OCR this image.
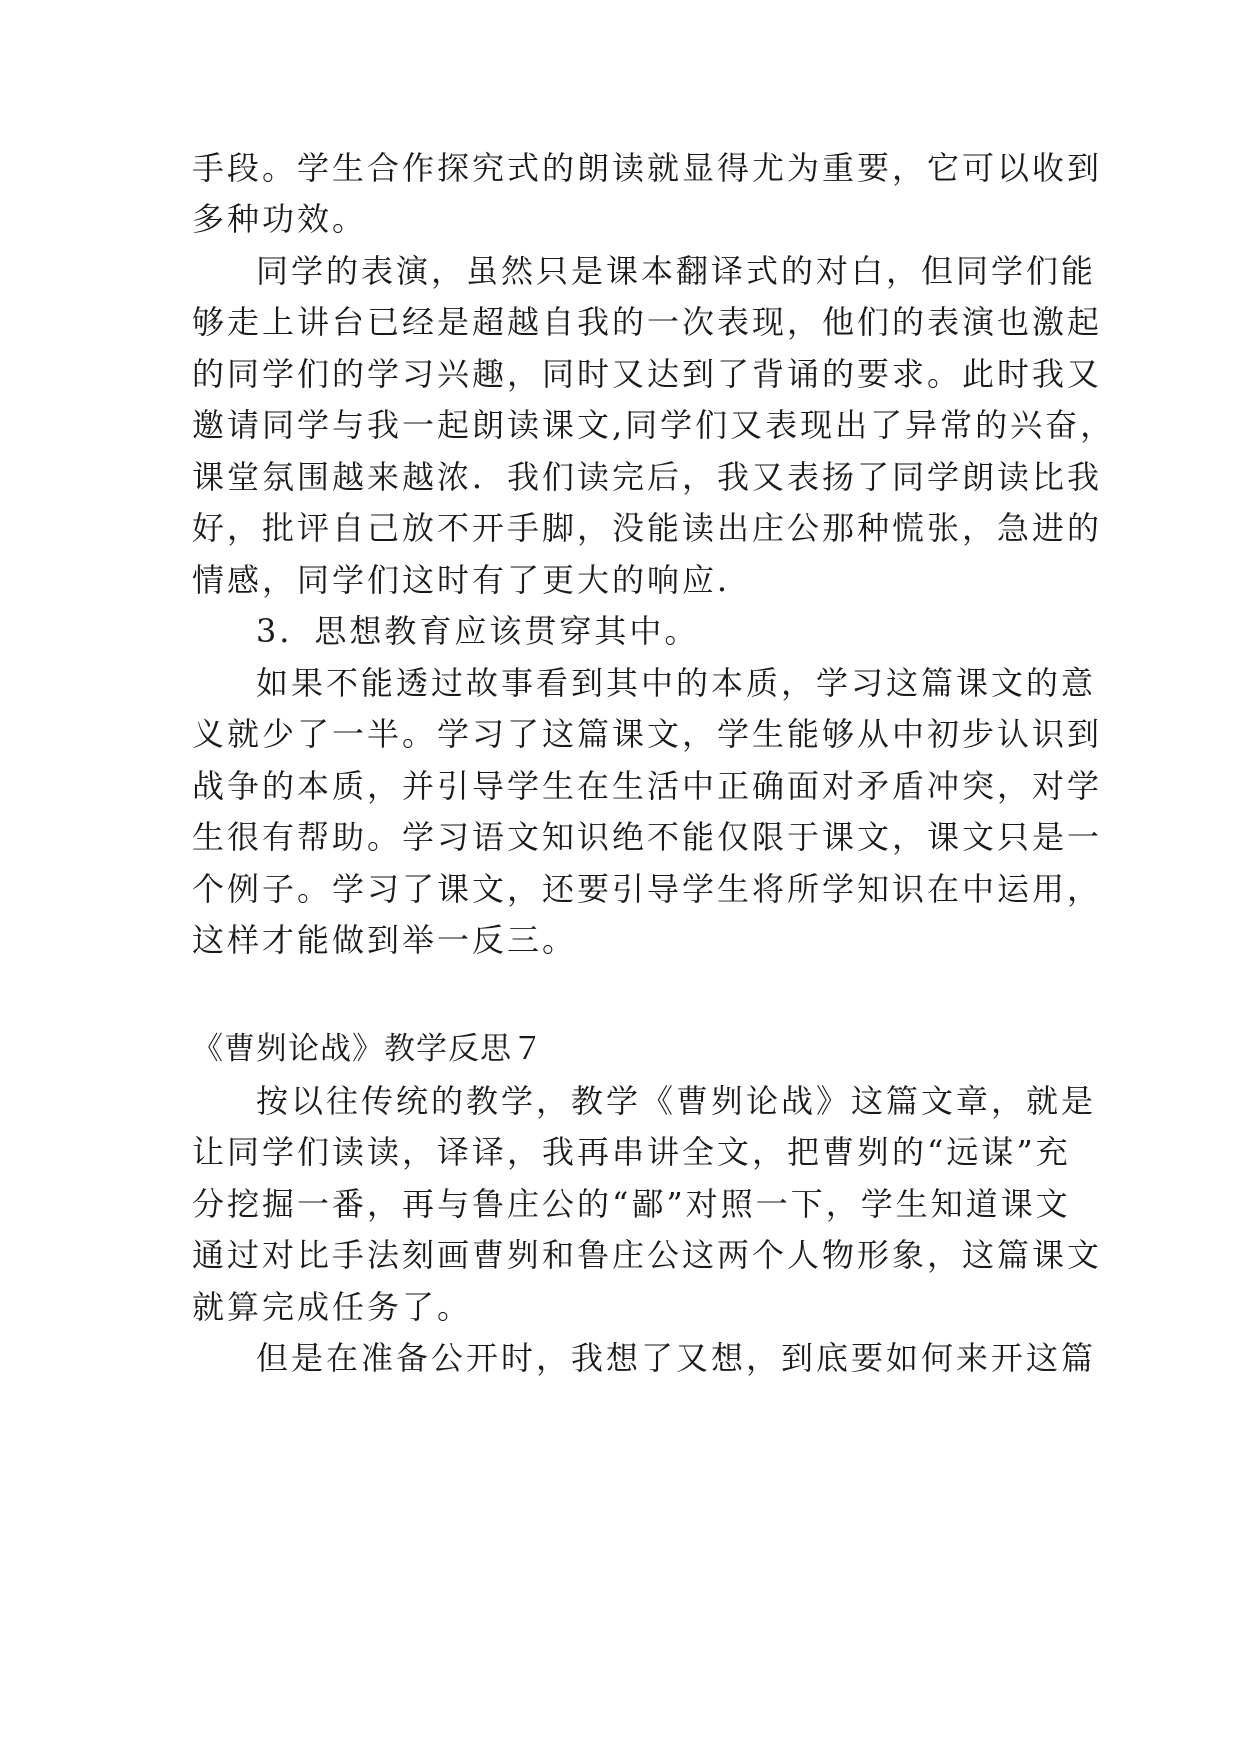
手段。学生合作探究式的朗读就显得尤为重要，它可以收到
多种功效。
同学的表演，虽然只是课本翻译式的对白，但同学们能
够走上讲台已经是超越自我的一次表现，他们的表演也激起
的同学们的学习兴趣，同时又达到了背诵的要求。此时我又
邀请同学与我一起朗读课文,同学们又表现出了异常的兴奋，
课堂氛围越来越浓．我们读完后，我又表扬了同学朗读比我
好，批评自己放不开手脚，没能读出庄公那种慌张，急进的
情感，同学们这时有了更大的响应．
3．思想教育应该贯穿其中。
如果不能透过故事看到其中的本质，学习这篇课文的意
义就少了一半。学习了这篇课文，学生能够从中初步认识到
战争的本质，并引导学生在生活中正确面对矛盾冲突，对学
生很有帮助。学习语文知识绝不能仅限于课文，课文只是一
个例子。学习了课文，还要引导学生将所学知识在中运用，
这样才能做到举一反三。
《曹刿论战》教学反思７
按以往传统的教学，教学《曹刿论战》这篇文章，就是
让同学们读读，译译，我再串讲全文，把曹刿的“远谋”充
分挖掘一番，再与鲁庄公的“鄙”对照一下，学生知道课文
通过对比手法刻画曹刿和鲁庄公这两个人物形象，这篇课文
就算完成任务了。
但是在准备公开时，我想了又想，到底要如何来开这篇
